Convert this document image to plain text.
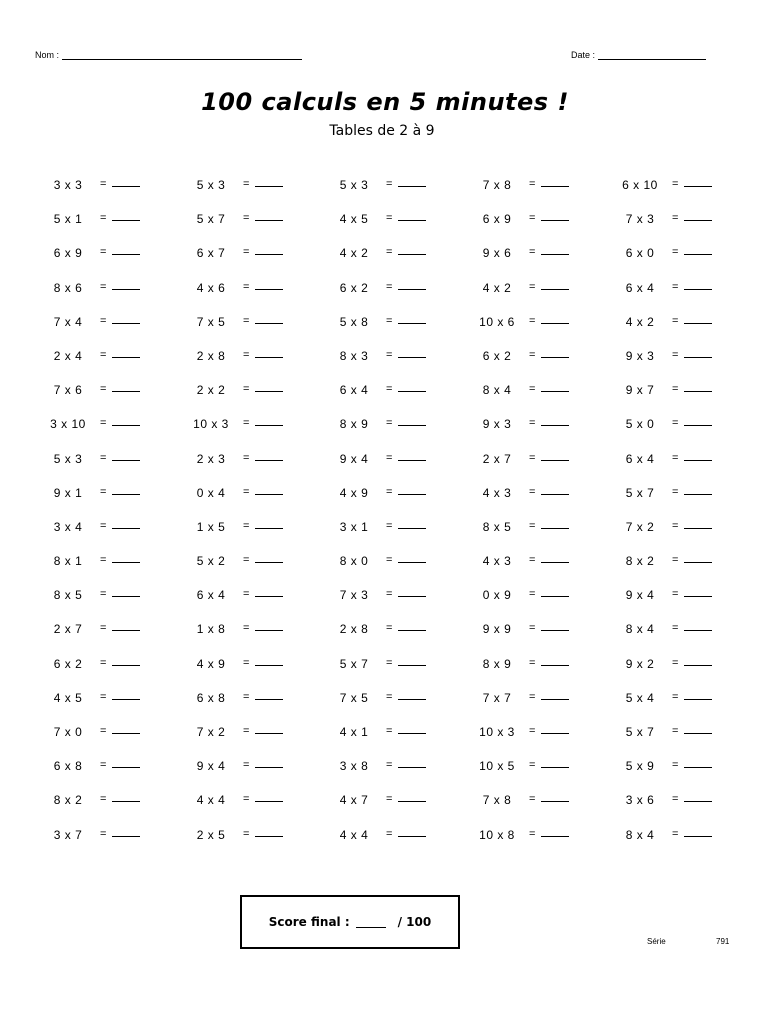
Nom :	Date :
100 calculs en 5 minutes !
Tables de 2 à 9
3 x 3	=	5 x 3	=	5 x 3	=	7 x 8	=	6 x 10	=
5 x 1	=	5 x 7	=	4 x 5	=	6 x 9	=	7 x 3	=
6 x 9	=	6 x 7	=	4 x 2	=	9 x 6	=	6 x 0	=
8 x 6	=	4 x 6	=	6 x 2	=	4 x 2	=	6 x 4	=
7 x 4	=	7 x 5	=	5 x 8	=	10 x 6	=	4 x 2	=
2 x 4	=	2 x 8	=	8 x 3	=	6 x 2	=	9 x 3	=
7 x 6	=	2 x 2	=	6 x 4	=	8 x 4	=	9 x 7	=
3 x 10	=	10 x 3	=	8 x 9	=	9 x 3	=	5 x 0	=
5 x 3	=	2 x 3	=	9 x 4	=	2 x 7	=	6 x 4	=
9 x 1	=	0 x 4	=	4 x 9	=	4 x 3	=	5 x 7	=
3 x 4	=	1 x 5	=	3 x 1	=	8 x 5	=	7 x 2	=
8 x 1	=	5 x 2	=	8 x 0	=	4 x 3	=	8 x 2	=
8 x 5	=	6 x 4	=	7 x 3	=	0 x 9	=	9 x 4	=
2 x 7	=	1 x 8	=	2 x 8	=	9 x 9	=	8 x 4	=
6 x 2	=	4 x 9	=	5 x 7	=	8 x 9	=	9 x 2	=
4 x 5	=	6 x 8	=	7 x 5	=	7 x 7	=	5 x 4	=
7 x 0	=	7 x 2	=	4 x 1	=	10 x 3	=	5 x 7	=
6 x 8	=	9 x 4	=	3 x 8	=	10 x 5	=	5 x 9	=
8 x 2	=	4 x 4	=	4 x 7	=	7 x 8	=	3 x 6	=
3 x 7	=	2 x 5	=	4 x 4	=	10 x 8	=	8 x 4	=
Score final :	/ 100
Série	791
